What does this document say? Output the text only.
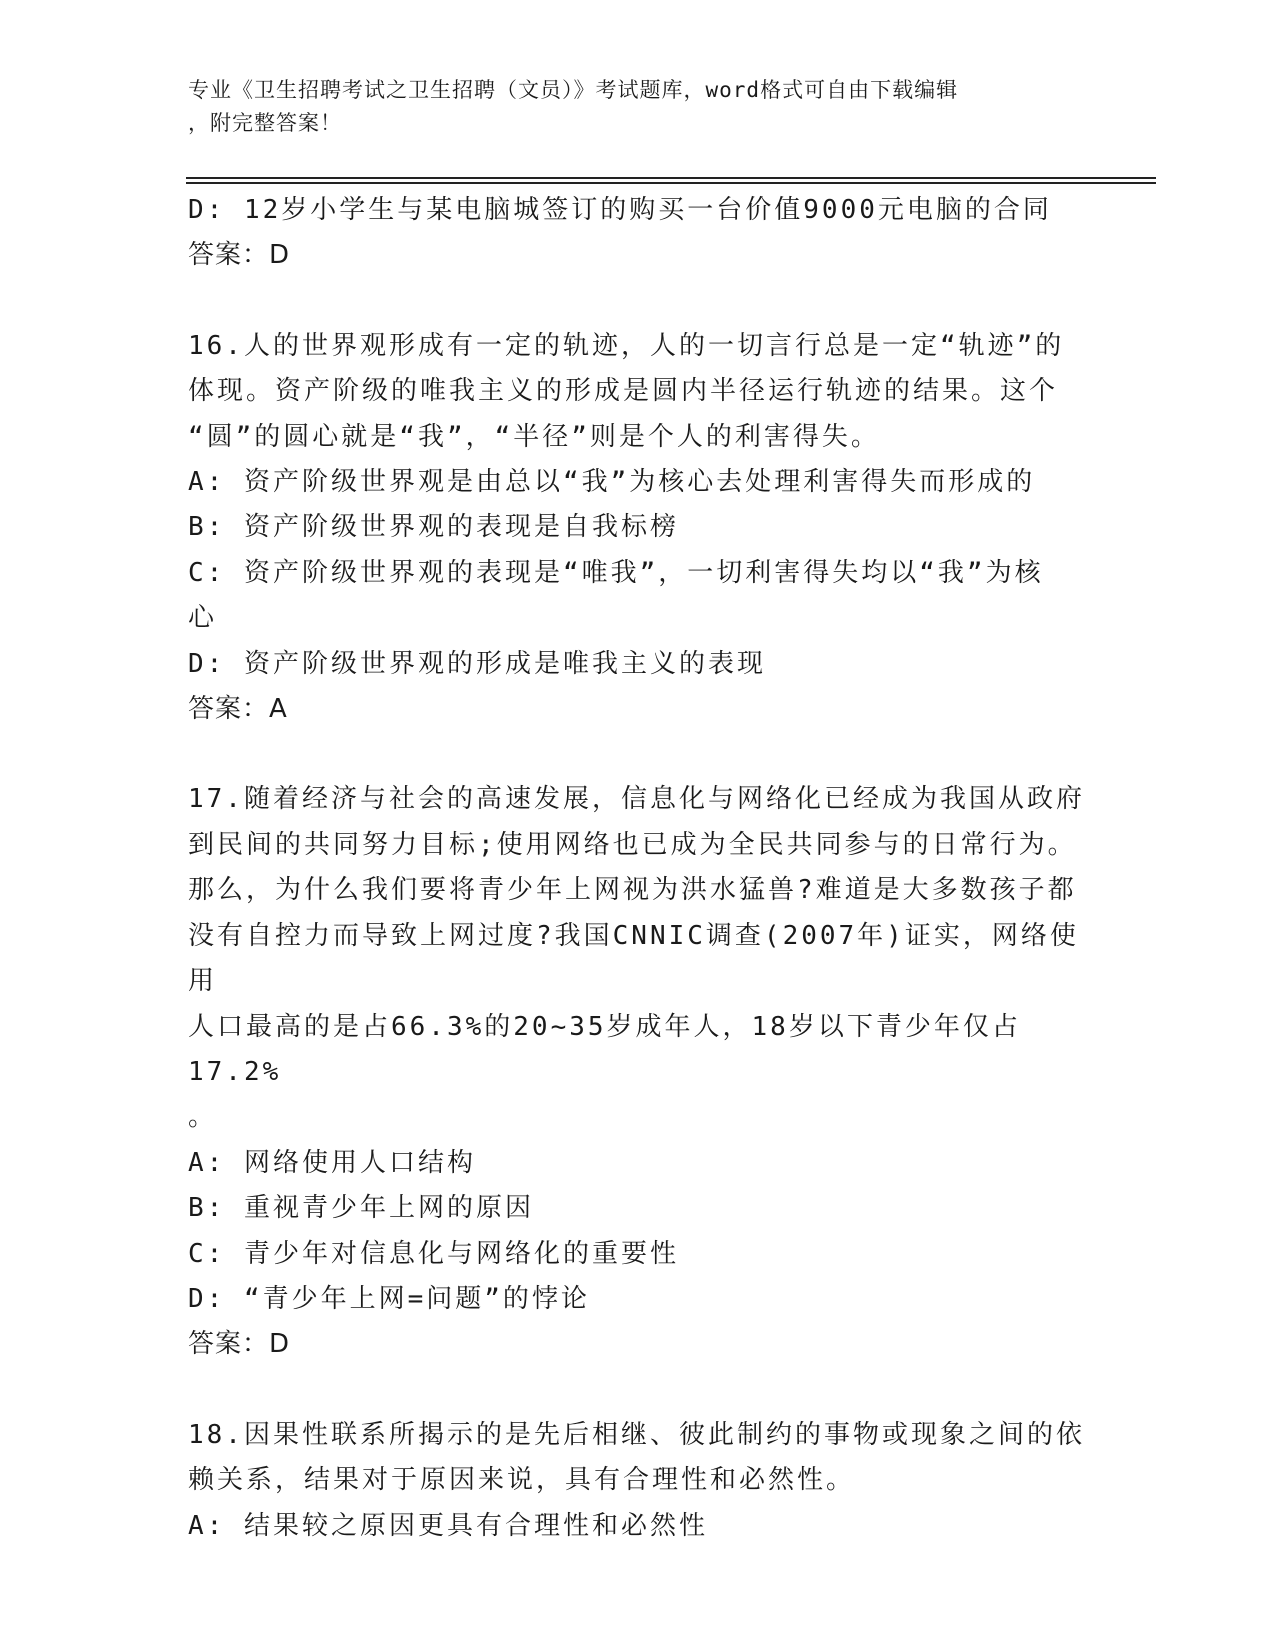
专业《卫生招聘考试之卫生招聘（文员）》考试题库，word格式可自由下载编辑
，附完整答案！
D: 12岁小学生与某电脑城签订的购买一台价值9000元电脑的合同
答案：D
16.人的世界观形成有一定的轨迹，人的一切言行总是一定“轨迹”的
体现。资产阶级的唯我主义的形成是圆内半径运行轨迹的结果。这个
“圆”的圆心就是“我”，“半径”则是个人的利害得失。
A: 资产阶级世界观是由总以“我”为核心去处理利害得失而形成的
B: 资产阶级世界观的表现是自我标榜
C: 资产阶级世界观的表现是“唯我”，一切利害得失均以“我”为核
心
D: 资产阶级世界观的形成是唯我主义的表现
答案：A
17.随着经济与社会的高速发展，信息化与网络化已经成为我国从政府
到民间的共同努力目标;使用网络也已成为全民共同参与的日常行为。
那么，为什么我们要将青少年上网视为洪水猛兽?难道是大多数孩子都
没有自控力而导致上网过度?我国CNNIC调查(2007年)证实，网络使用
人口最高的是占66.3%的20~35岁成年人，18岁以下青少年仅占17.2%
。
A: 网络使用人口结构
B: 重视青少年上网的原因
C: 青少年对信息化与网络化的重要性
D: “青少年上网=问题”的悖论
答案：D
18.因果性联系所揭示的是先后相继、彼此制约的事物或现象之间的依
赖关系，结果对于原因来说，具有合理性和必然性。
A: 结果较之原因更具有合理性和必然性
